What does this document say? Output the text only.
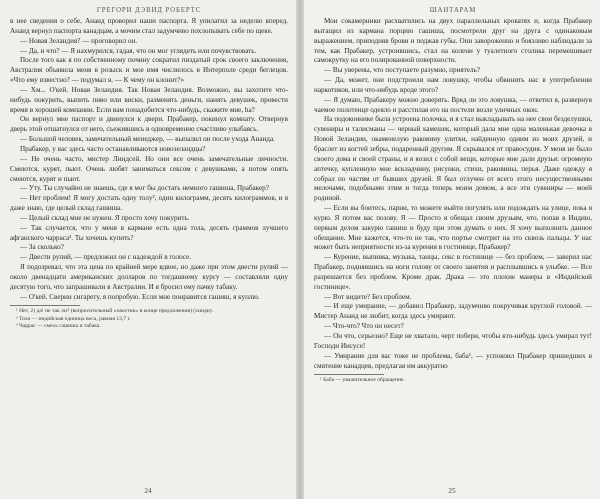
ГРЕГОРИ ДЭВИД РОБЕРТС

в нее сведения о себе, Анаид проворил наши паспорта. Я упилатил за неделю вперед. Анаид вернул паспорта канадцам, а мочим стал задумчиво похлопывать себе по щеке.

— Новая Зеландия? — проговорил он.

— Да, и что? — Я нахмурился, гадая, что он мог углядеть или почувствовать.

После того как я по собственному почину сократил пиздатый срок своего заключения, Австралия объявила меня в розыск и мое имя числилось в Интерполе среди беглецов. «Что ему известно? — подумал я. — К чему он клонит?»

— Хм... О'кей. Новая Зеландия. Так Новая Зеландия. Возможно, вы захотите что-нибудь покурить, выпить пиво или виски, разменять деньги, нанять девушек, провести время в хорошей компании. Если вам понадобится что-нибудь, скажите мне, ha?

Он вернул мне паспорт и двинулся к двери. Прабакер, покинул комнату. Отвернув дверь этой отшатнулся от него, съежившись в одновременно счастливо улыбаясь.

— Большой человек, замечательный менеджер, — выпалил он после ухода Анаида.

Прабакер, у вас здесь часто останавливаются новозеландцы?

— Не очень часто, мистер Линдсей. Но они все очень замечательные личности. Смеются, курят, пьют. Очень любят заниматься сексом с девушками, а потом опять смеются, курят и пьют.

— Уту. Ты случайно не знаешь, где я мог бы достать немного гашиша, Прабакер?

— Нет проблем! Я могу достать одну толу², один килограмм, десять килограммов, и я даже знаю, где целый склад гашиша.

— Целый склад мне не нужен. Я просто хочу покурить.

— Так случается, что у меня в кармане есть одна тола, десять граммов лучшего афганского чарраса³. Ты хочешь купить?

— За сколько?

— Двести рупий, — предложил он с надеждой в голосе.

Я подозревал, что эта цена по крайней мере вдвое, но даже при этом двести рупий — около двенадцати американских долларов по тогдашнему курсу — составляли одну десятую того, что запрашивали в Австралии. И я бросил ему пачку табаку.

— О'кей. Сверни сигарету, я попробую. Если мне понравится гашиш, я куплю.

¹ Нет, 2) да! не так ли? (вопросительный «хвостик» в конце предложения) (хинди).

² Тола — индийская единица веса, равная 13,7 г.

³ Чаррас — смесь гашиша и табака.

24
ШАНТАРАМ

Мои сокамерники расхватились на двух параллельных кроватях и, когда Прабакер вытащил из кармана порцию гашиша, посмотрели друг на друга с одинаковым выражением, приподняв брови и поджав губы. Они завороженно и боязливо наблюдали за тем, как Прабакер, устроившись, стал на колени у туалетного столика перемешивает самокрутку на его полированной поверхности.

— Вы уверены, что поступаете разумно, приятель?

— Да, может, они подстроили нам ловушку, чтобы обвинить нас в употреблении наркотиков, или что-нибудь вроде этого?

— Я думаю, Прабакеру можно доверять. Вряд ли это ловушка, — ответил я, развернув чаемое полотенце одеяло и расстилая его на постели возле уличных окон.

На подоконнике была устроена полочка, и я стал выкладывать на нее свои безделушки, сувениры и талисманы — черный камешек, который дала мне одна маленькая девочка в Новой Зеландии, окаменелую раковину улитки, найденную одним из моих друзей, и браслет из когтей зебры, подаренный другим. Я скрывался от правосудия. У меня не было своего дома и своей страны, и я возил с собой вещи, которые мне дали друзья: огромную аптечку, купленную мне вскладчину, рисунки, стихи, раковины, перья. Даже одежду я собрал по частям от бывших друзей. Я был отлучен от всего этого несущественными мелочами, подобными этим и тогда теперь моим домом, а все эти сувениры — моей родиной.

— Если вы боитесь, парни, то можете выйти погулять или подождать на улице, пока я курю. Я потом вас позову. Я — Просто я обещал своим друзьям, что, попав в Индию, первым делом закурю гашиш и буду при этом думать о них. Я хочу выполнить данное обещание. Мне кажется, что-то не так, что портье смотрит на это сквозь пальцы. У нас может быть неприятности из-за курения в гостинице, Прабакер?

— Курение, выпивка, музыка, танцы, секс в гостинице — без проблем, — заверил нас Прабакер, поднявшись на ноги голову от своего занятия и расплывшись в улыбке. — Все разрешается без проблем. Кроме драк. Драка — это плохие манеры в «Индийской гостинице».

— Вот видите? Без проблем.

— И еще умирание, — добавил Прабакер, задумчиво покручивая круглой головой. — Мистер Анаид не любит, когда здесь умирают.

— Что-что? Что он несет?

— Он что, серьезно? Еще не хватало, черт побери, чтобы кто-нибудь здесь умирал тут! Господи Иисусе!

— Умирание для вас тоже не проблема, баба¹, — успокоил Прабакер пришедших в смятение канадцев, предлагая им аккуратно

¹ Баба — уважительное обращение.

25
